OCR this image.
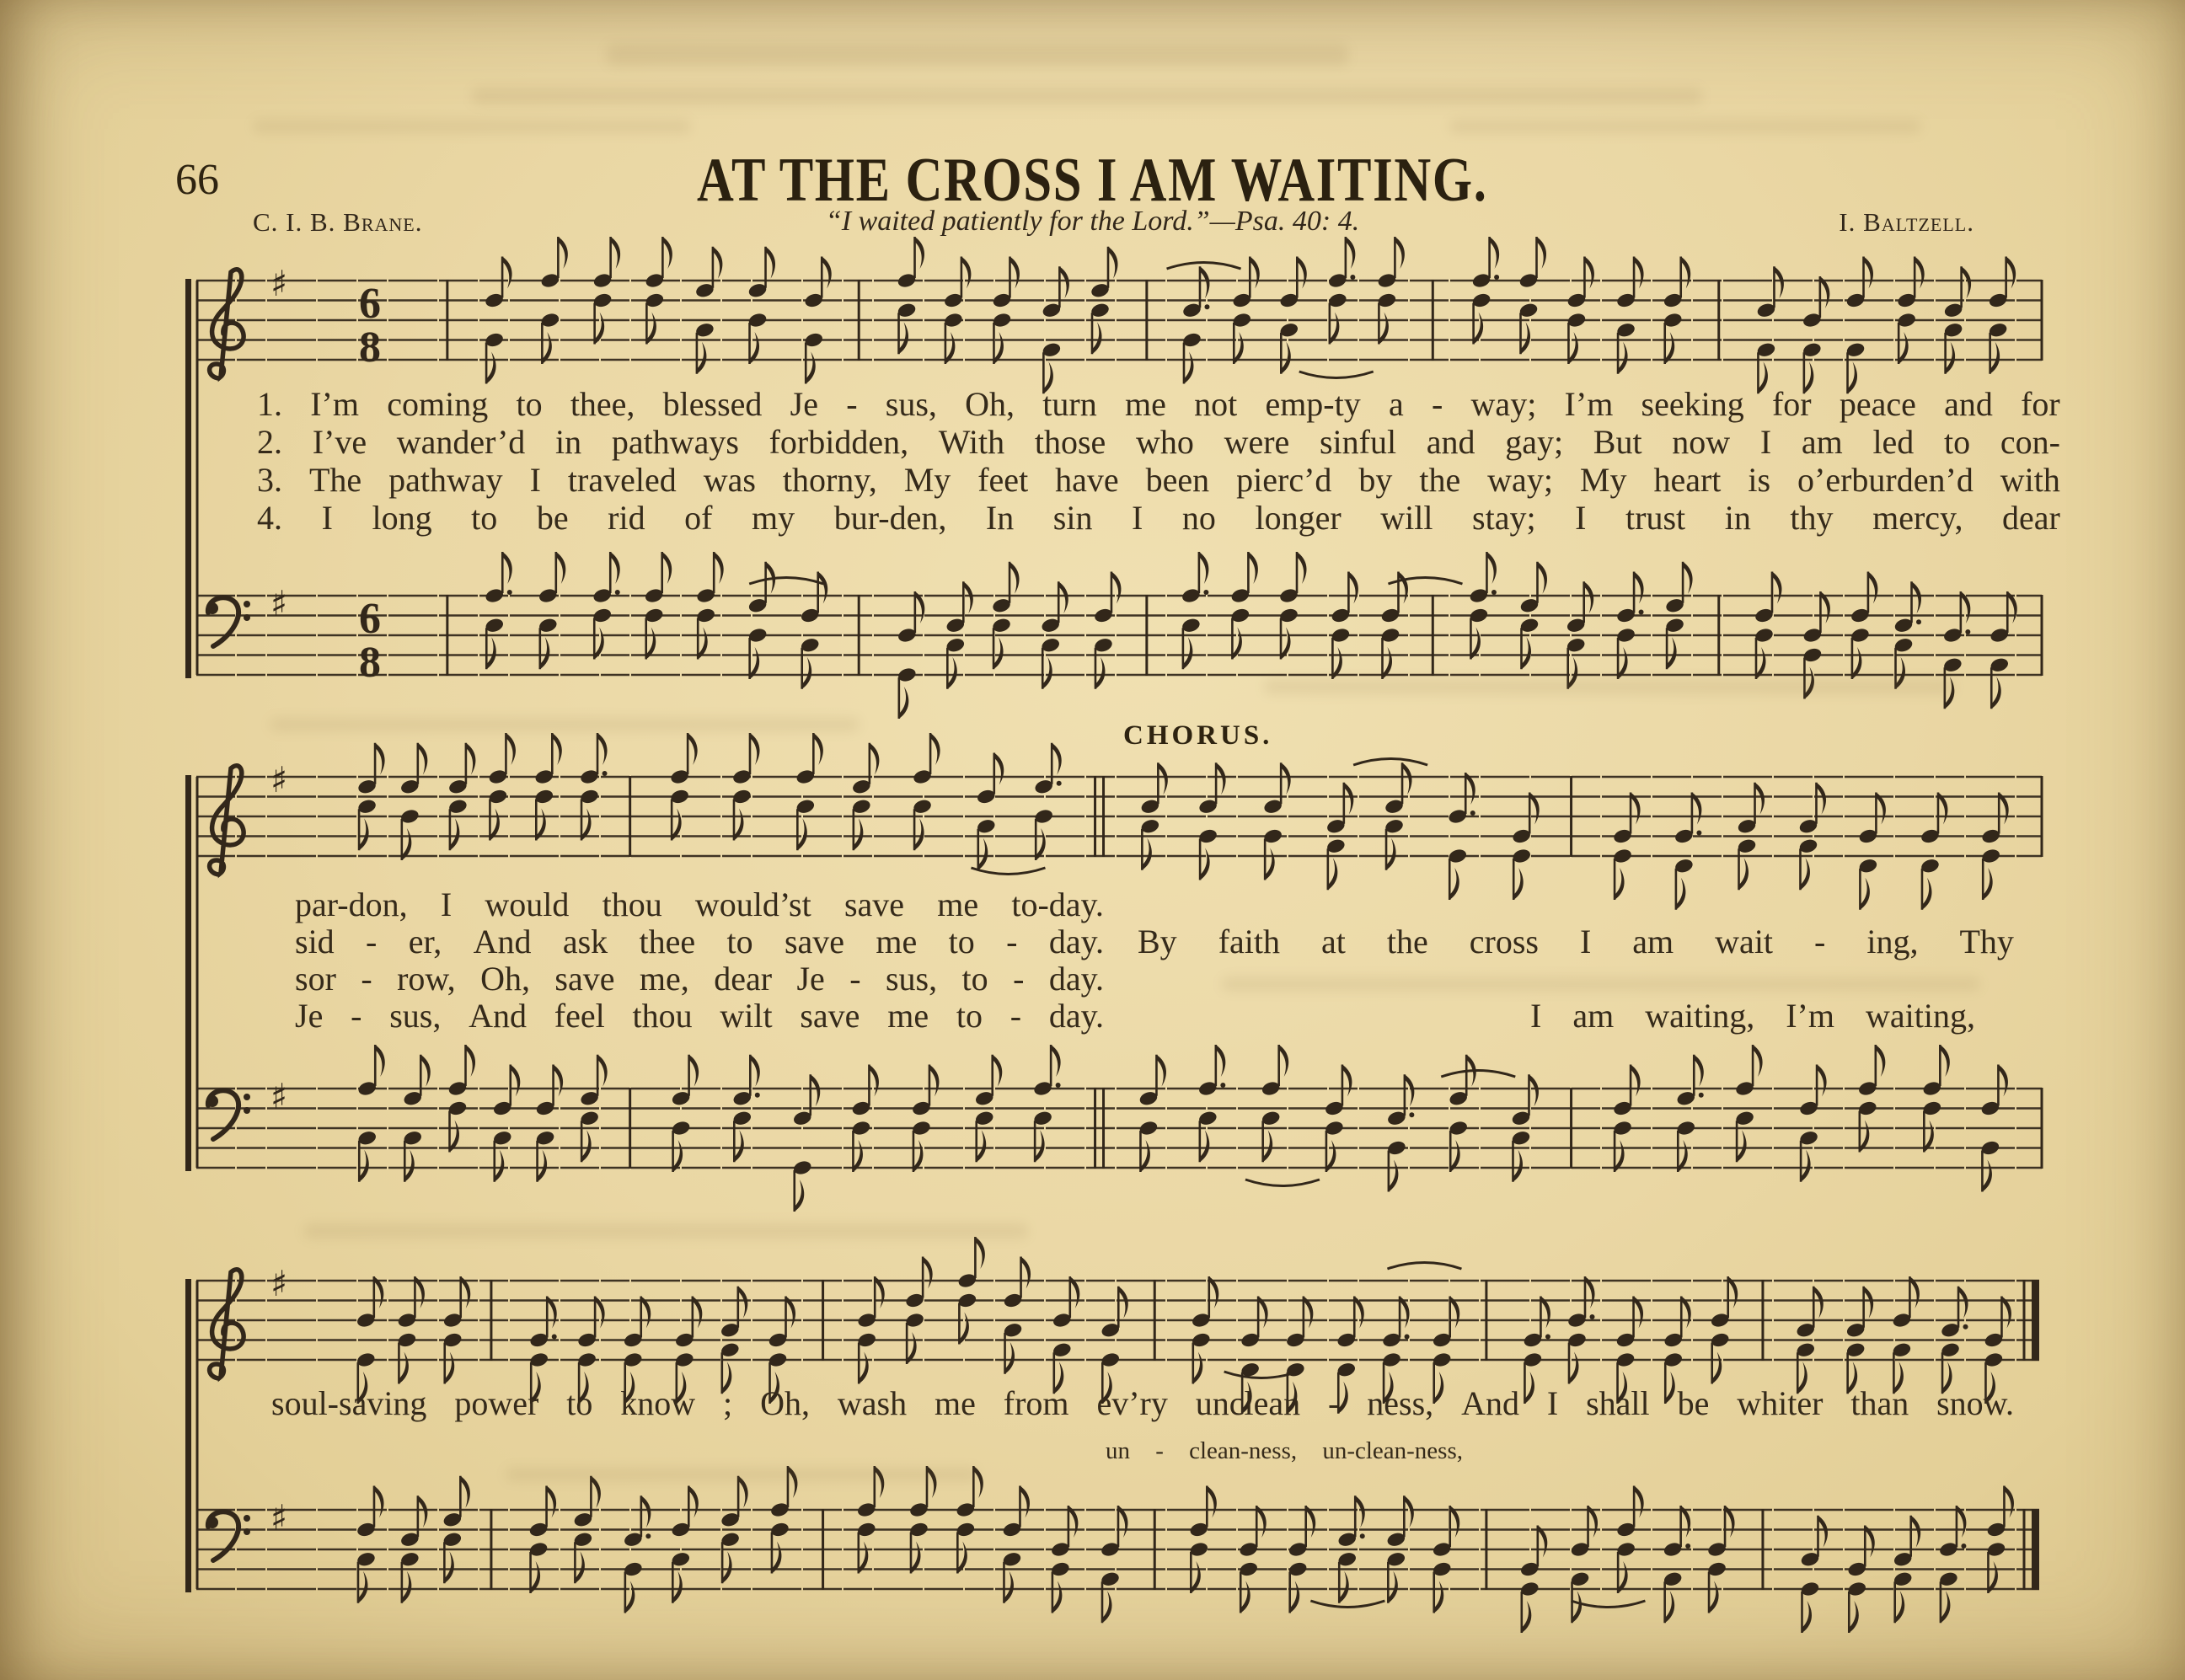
♯ 6
8
♯ 6
8
♯
♯
♯
♯
66	AT THE CROSS I AM WAITING.
C. I. B. Brane.	“I waited patiently for the Lord.”—Psa. 40: 4.	I. Baltzell.
CHORUS.
1. I’m coming to thee, blessed Je - sus, Oh, turn me not emp-ty a - way; I’m seeking for peace and for
2. I’ve wander’d in pathways forbidden, With those who were sinful and gay; But now I am led to con-
3. The pathway I traveled was thorny, My feet have been pierc’d by the way; My heart is o’erburden’d with
4. I long to be rid of my bur-den, In sin I no longer will stay; I trust in thy mercy, dear
par-don, I would thou would’st save me to-day.
sid - er, And ask thee to save me to - day.
sor - row, Oh, save me, dear Je - sus, to - day.
Je - sus, And feel thou wilt save me to - day.
By faith at the cross I am wait - ing, Thy
I am waiting, I’m waiting,
soul-saving power to know ; Oh, wash me from ev’ry unclean - ness, And I shall be whiter than snow.
un - clean-ness, un-clean-ness,
